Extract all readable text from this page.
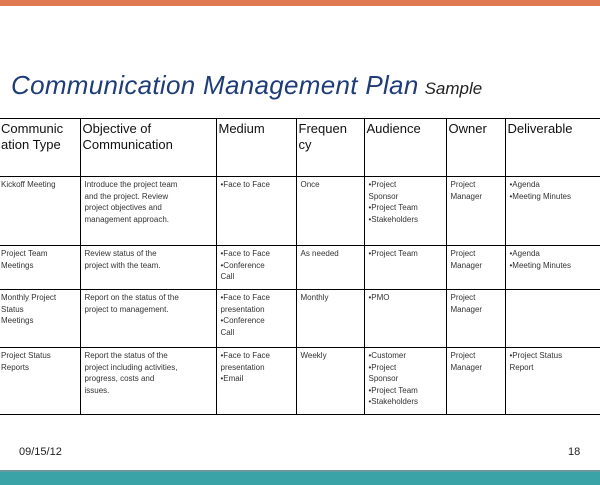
Communication Management Plan Sample
Communic ation Type	Objective of Communication	Medium	Frequen cy	Audience	Owner	Deliverable

Kickoff Meeting	Introduce the project team
and the project. Review
project objectives and
management approach.	•Face to Face	Once	•Project
Sponsor
•Project Team
•Stakeholders	Project
Manager	•Agenda
•Meeting Minutes

Project Team
Meetings	Review status of the
project with the team.	•Face to Face
•Conference
Call	As needed	•Project Team	Project
Manager	•Agenda
•Meeting Minutes

Monthly Project
Status
Meetings	Report on the status of the
project to management.	•Face to Face
presentation
•Conference
Call	Monthly	•PMO	Project
Manager	

Project Status
Reports	Report the status of the
project including activities,
progress, costs and
issues.	•Face to Face
presentation
•Email	Weekly	•Customer
•Project
Sponsor
•Project Team
•Stakeholders	Project
Manager	•Project Status
Report
09/15/12	18
